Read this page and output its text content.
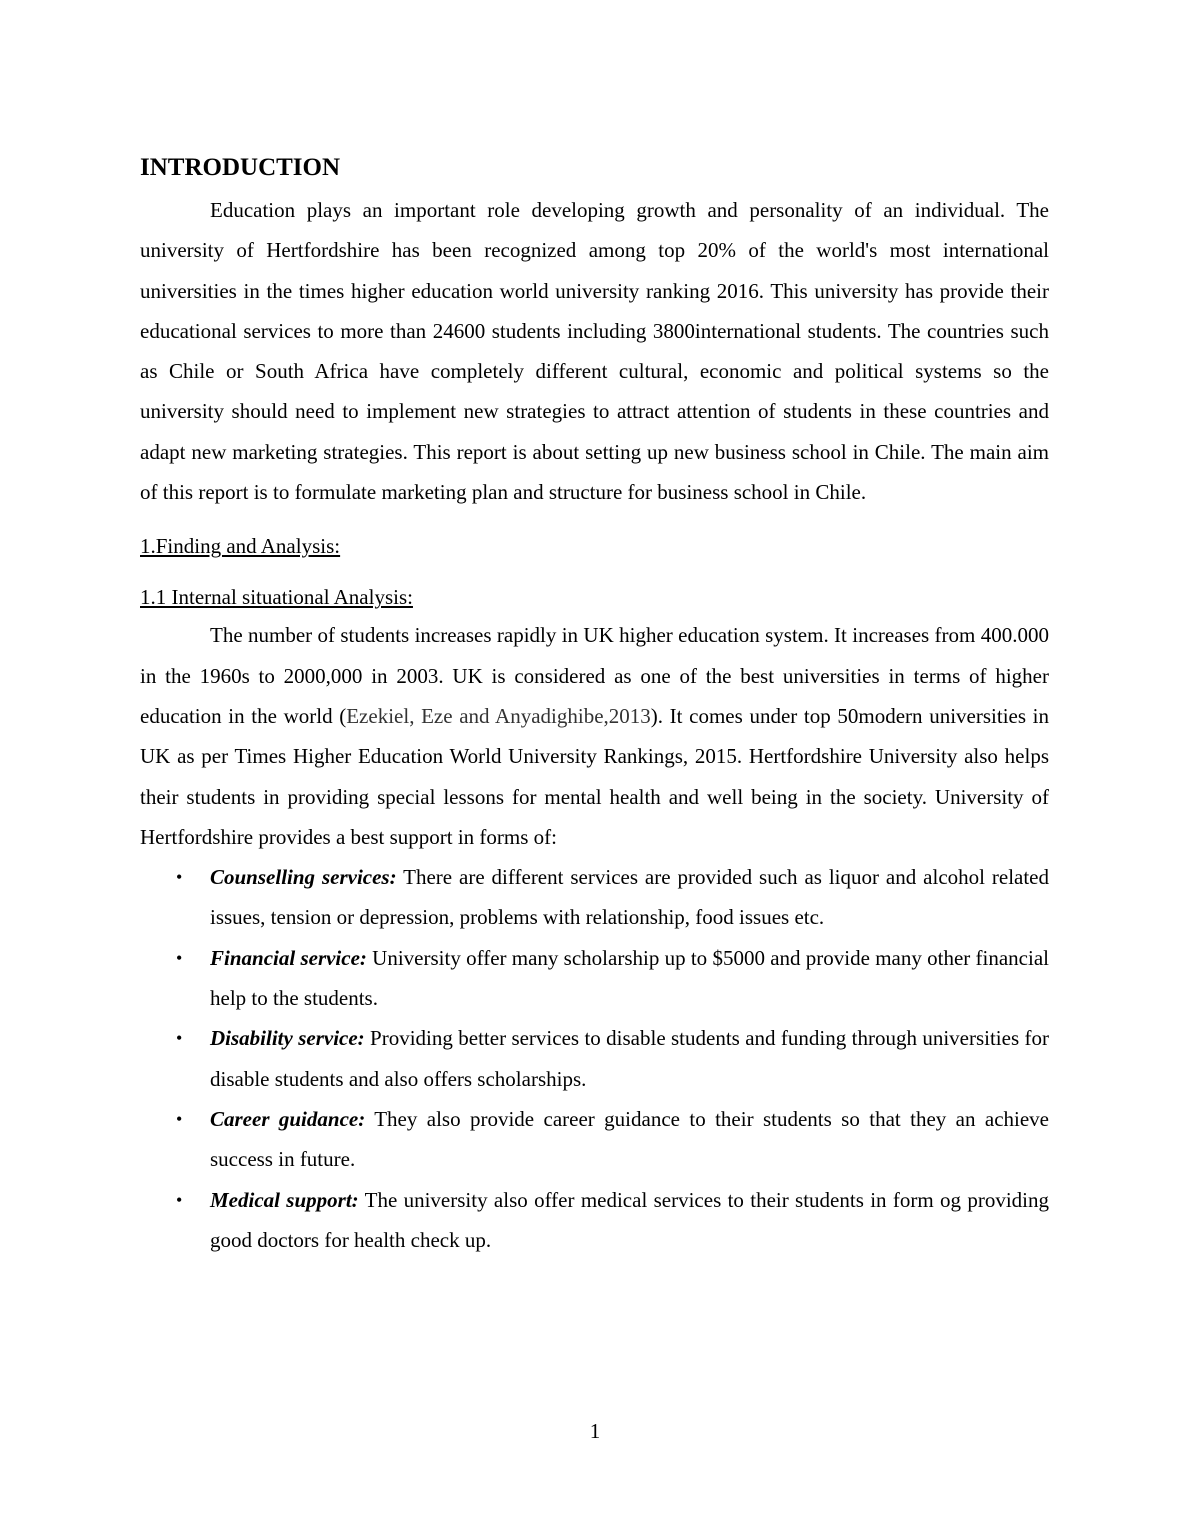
INTRODUCTION

Education plays an important role developing growth and personality of an individual. The university of Hertfordshire has been recognized among top 20% of the world's most international universities in the times higher education world university ranking 2016. This university has provide their educational services to more than 24600 students including 3800international students. The countries such as Chile or South Africa have completely different cultural, economic and political systems so the university should need to implement new strategies to attract attention of students in these countries and adapt new marketing strategies. This report is about setting up new business school in Chile. The main aim of this report is to formulate marketing plan and structure for business school in Chile.

1.Finding and Analysis:

1.1 Internal situational Analysis:

The number of students increases rapidly in UK higher education system. It increases from 400.000 in the 1960s to 2000,000 in 2003. UK is considered as one of the best universities in terms of higher education in the world (Ezekiel, Eze and Anyadighibe,2013). It comes under top 50modern universities in UK as per Times Higher Education World University Rankings, 2015. Hertfordshire University also helps their students in providing special lessons for mental health and well being in the society. University of Hertfordshire provides a best support in forms of:

• Counselling services: There are different services are provided such as liquor and alcohol related issues, tension or depression, problems with relationship, food issues etc.
• Financial service: University offer many scholarship up to $5000 and provide many other financial help to the students.
• Disability service: Providing better services to disable students and funding through universities for disable students and also offers scholarships.
• Career guidance: They also provide career guidance to their students so that they an achieve success in future.
• Medical support: The university also offer medical services to their students in form og providing good doctors for health check up.
1
